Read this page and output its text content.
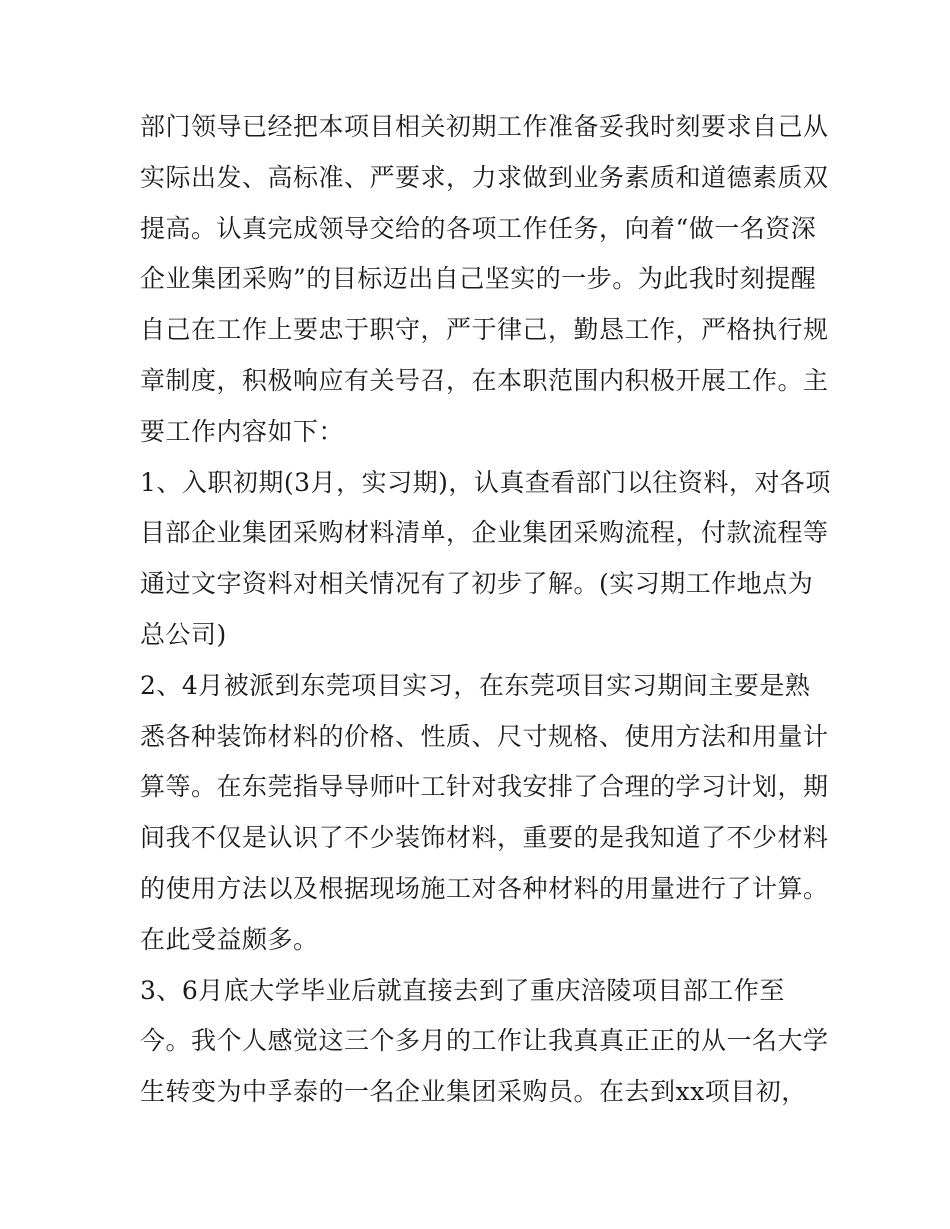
部门领导已经把本项目相关初期工作准备妥我时刻要求自己从
实际出发、高标准、严要求，力求做到业务素质和道德素质双
提高。认真完成领导交给的各项工作任务，向着“做一名资深
企业集团采购”的目标迈出自己坚实的一步。为此我时刻提醒
自己在工作上要忠于职守，严于律己，勤恳工作，严格执行规
章制度，积极响应有关号召，在本职范围内积极开展工作。主
要工作内容如下：
1、入职初期(3月，实习期)，认真查看部门以往资料，对各项
目部企业集团采购材料清单，企业集团采购流程，付款流程等
通过文字资料对相关情况有了初步了解。(实习期工作地点为
总公司)
2、4月被派到东莞项目实习，在东莞项目实习期间主要是熟
悉各种装饰材料的价格、性质、尺寸规格、使用方法和用量计
算等。在东莞指导导师叶工针对我安排了合理的学习计划，期
间我不仅是认识了不少装饰材料，重要的是我知道了不少材料
的使用方法以及根据现场施工对各种材料的用量进行了计算。
在此受益颇多。
3、6月底大学毕业后就直接去到了重庆涪陵项目部工作至
今。我个人感觉这三个多月的工作让我真真正正的从一名大学
生转变为中孚泰的一名企业集团采购员。在去到xx项目初，
